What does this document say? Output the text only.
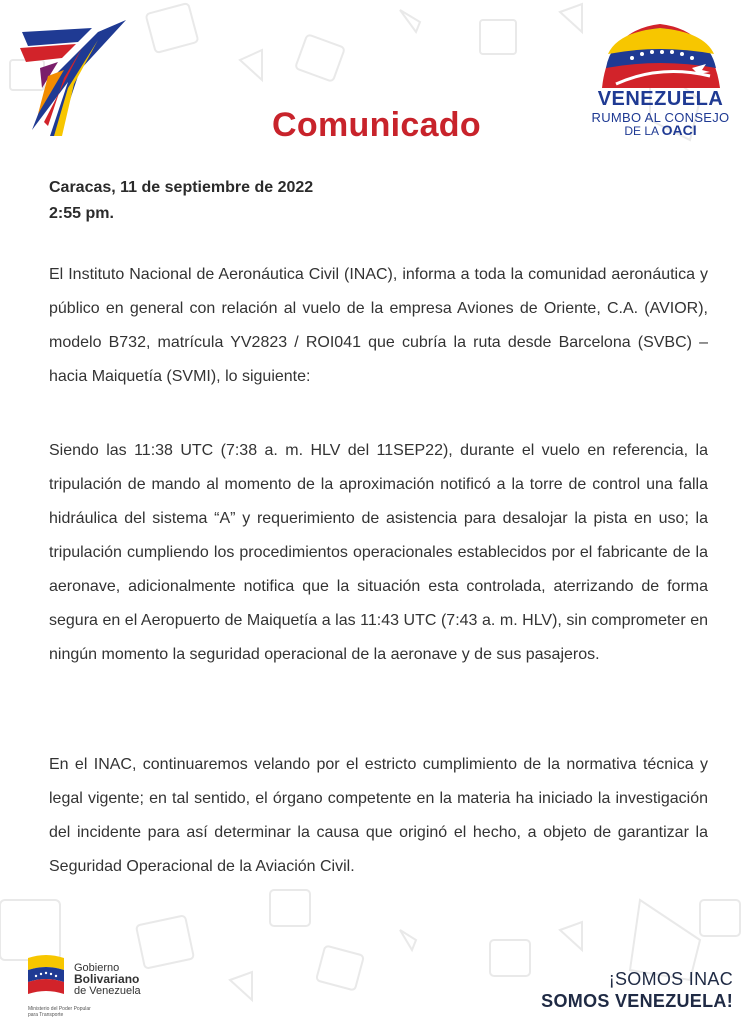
VENEZUELA
RUMBO AL CONSEJO
DE LA OACI
Comunicado
Caracas, 11 de septiembre de 2022
2:55 pm.

El Instituto Nacional de Aeronáutica Civil (INAC), informa a toda la comunidad aeronáutica y público en general con relación al vuelo de la empresa Aviones de Oriente, C.A. (AVIOR), modelo B732, matrícula YV2823 / ROI041 que cubría la ruta desde Barcelona (SVBC) – hacia Maiquetía (SVMI), lo siguiente:

Siendo las 11:38 UTC (7:38 a. m. HLV del 11SEP22), durante el vuelo en referencia, la tripulación de mando al momento de la aproximación notificó a la torre de control una falla hidráulica del sistema “A” y requerimiento de asistencia para desalojar la pista en uso; la tripulación cumpliendo los procedimientos operacionales establecidos por el fabricante de la aeronave, adicionalmente notifica que la situación esta controlada, aterrizando de forma segura en el Aeropuerto de Maiquetía a las 11:43 UTC (7:43 a. m. HLV), sin comprometer en ningún momento la seguridad operacional de la aeronave y de sus pasajeros.

En el INAC, continuaremos velando por el estricto cumplimiento de la normativa técnica y legal vigente; en tal sentido, el órgano competente en la materia ha iniciado la investigación del incidente para así determinar la causa que originó el hecho, a objeto de garantizar la Seguridad Operacional de la Aviación Civil.

Gobierno
Bolivariano
de Venezuela
Ministerio del Poder Popular
para Transporte
¡SOMOS INAC
SOMOS VENEZUELA!
